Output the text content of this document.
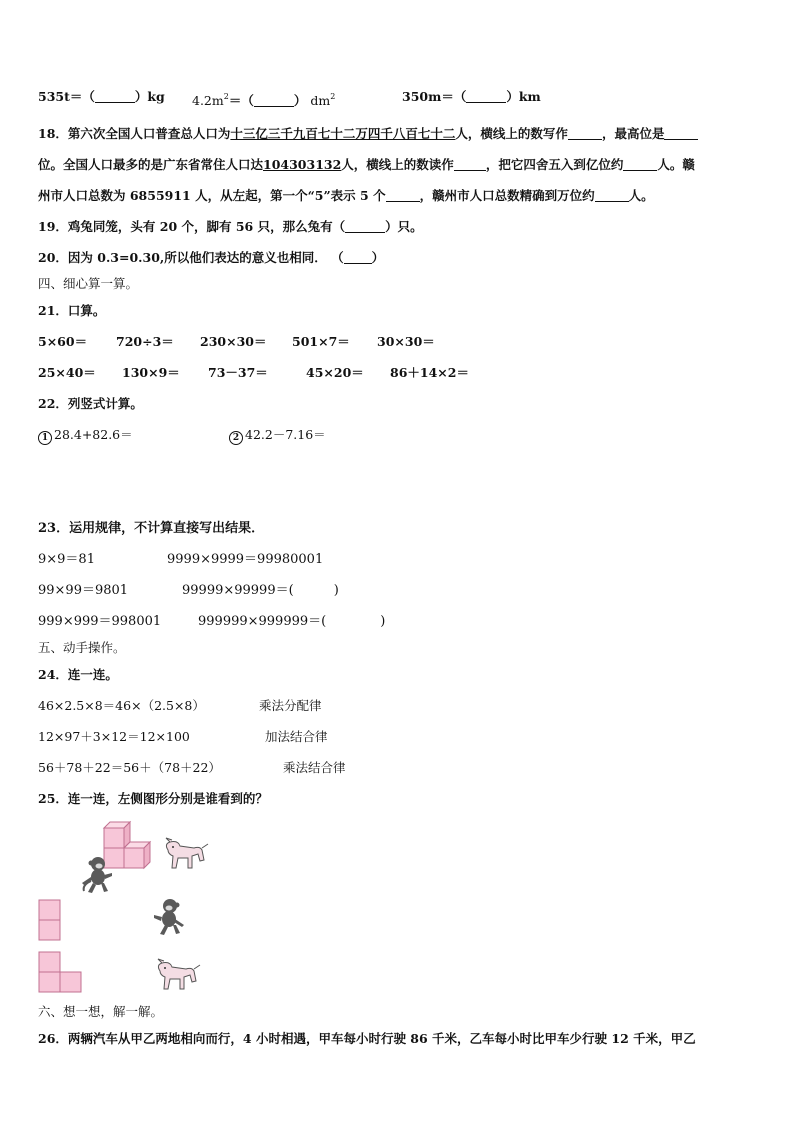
535t＝（	）kg $4.2m^2=$（	） $dm^2$	350m＝（	）km
18．第六次全国人口普查总人口为十三亿三千九百七十二万四千八百七十二人，横线上的数写作	，最高位是
位。全国人口最多的是广东省常住人口达104303132人，横线上的数读作	，把它四舍五入到亿位约	人。赣
州市人口总数为 6855911 人，从左起，第一个“5”表示 5 个	，赣州市人口总数精确到万位约	人。
19．鸡兔同笼，头有 20 个，脚有 56 只，那么兔有（	）只。
20．因为 0.3=0.30,所以他们表达的意义也相同． （ ）
四、细心算一算。
21．口算。
5×60＝ 720÷3＝ 230×30＝ 501×7＝ 30×30＝
25×40＝ 130×9＝ 73－37＝	45×20＝ 86＋14×2＝
22．列竖式计算。
1 28.4+82.6＝	2 42.2－7.16＝
23．运用规律，不计算直接写出结果．
9×9＝81	9999×9999＝99980001
99×99＝9801	99999×99999＝(	)
999×999＝998001	999999×999999＝(	)
五、动手操作。
24．连一连。
46×2.5×8＝46×（2.5×8）	乘法分配律
12×97＋3×12＝12×100	加法结合律
56＋78＋22＝56＋（78＋22）	乘法结合律
25．连一连，左侧图形分别是谁看到的？
六、想一想，解一解。
26．两辆汽车从甲乙两地相向而行，4 小时相遇，甲车每小时行驶 86 千米，乙车每小时比甲车少行驶 12 千米，甲乙
